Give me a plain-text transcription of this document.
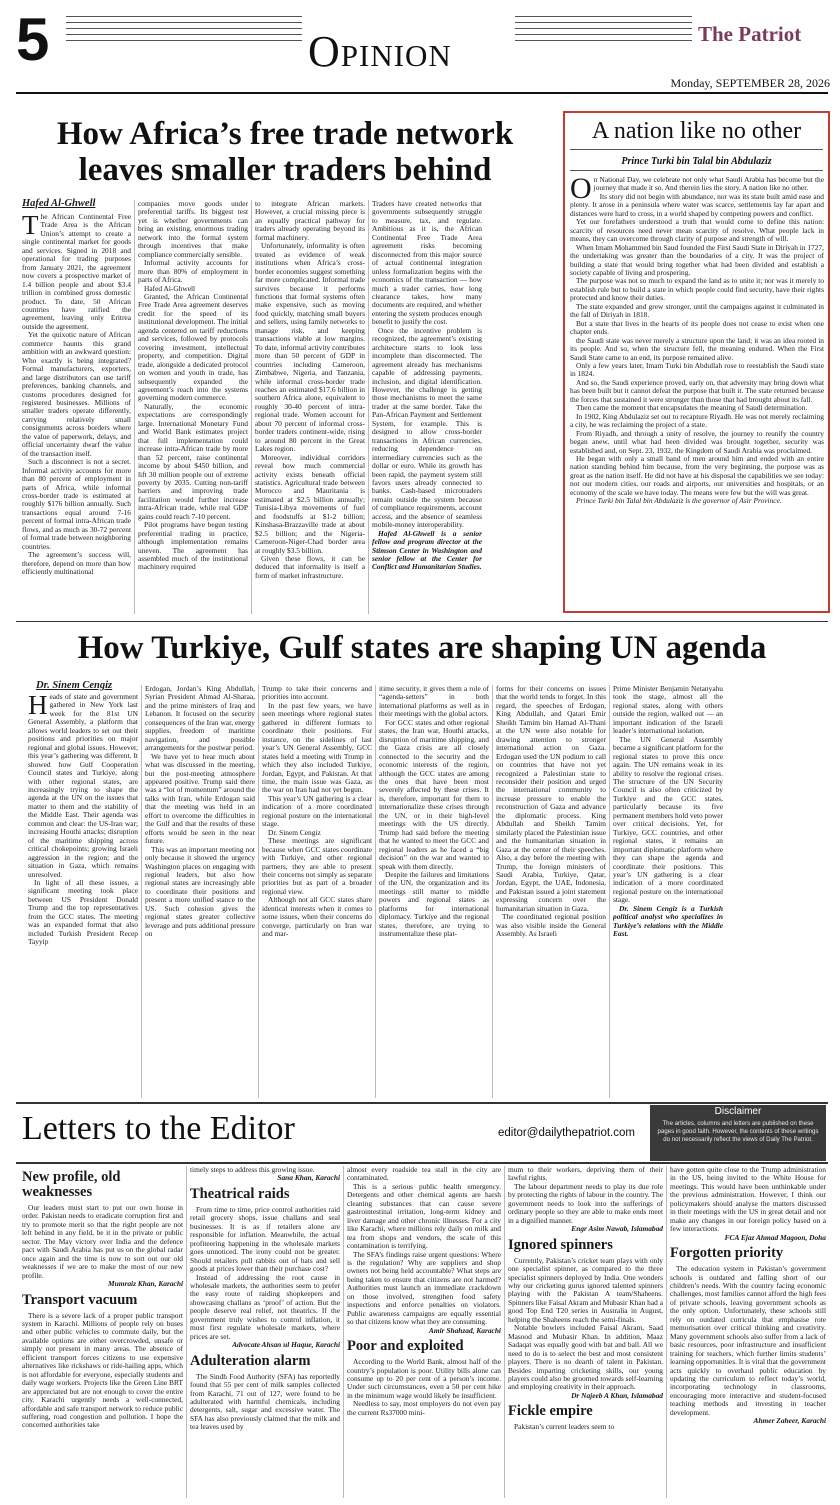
5	Opinion	The Patriot
Monday, SEPTEMBER 28, 2026
How Africa’s free trade network
leaves smaller traders behind
Hafed Al-Ghwell
T he African Continental Free Trade Area is the African Union’s attempt to create a single continental market for goods and services. Signed in 2018 and operational for trading purposes from January 2021, the agreement now covers a prospective market of 1.4 billion people and about $3.4 trillion in combined gross domestic product. To date, 50 African countries have ratified the agreement, leaving only Eritrea outside the agreement.

Yet the quixotic nature of African commerce haunts this grand ambition with an awkward question: Who exactly is being integrated? Formal manufacturers, exporters, and large distributors can use tariff preferences, banking channels, and customs procedures designed for registered businesses. Millions of smaller traders operate differently, carrying relatively small consignments across borders where the value of paperwork, delays, and official uncertainty dwarf the value of the transaction itself.

Such a disconnect is not a secret. Informal activity accounts for more than 80 percent of employment in parts of Africa, while informal cross-border trade is estimated at roughly $176 billion annually. Such transactions equal around 7-16 percent of formal intra-African trade flows, and as much as 30-72 percent of formal trade between neighboring countries.

The agreement’s success will, therefore, depend on more than how efficiently multinational

companies move goods under preferential tariffs. Its biggest test yet is whether governments can bring an existing, enormous trading network into the formal system through incentives that make compliance commercially sensible.

Informal activity accounts for more than 80% of employment in parts of Africa.

Hafed Al-Ghwell

Granted, the African Continental Free Trade Area agreement deserves credit for the speed of its institutional development. The initial agenda centered on tariff reductions and services, followed by protocols covering investment, intellectual property, and competition. Digital trade, alongside a dedicated protocol on women and youth in trade, has subsequently expanded the agreement’s reach into the systems governing modern commerce.

Naturally, the economic expectations are correspondingly large. International Monetary Fund and World Bank estimates project that full implementation could increase intra-African trade by more than 52 percent, raise continental income by about $450 billion, and lift 30 million people out of extreme poverty by 2035. Cutting non-tariff barriers and improving trade facilitation would further increase intra-African trade, while real GDP gains could reach 7-10 percent.

Pilot programs have begun testing preferential trading in practice, although implementation remains uneven. The agreement has assembled much of the institutional machinery required

to integrate African markets. However, a crucial missing piece is an equally practical pathway for traders already operating beyond its formal machinery.

Unfortunately, informality is often treated as evidence of weak institutions when Africa’s cross-border economies suggest something far more complicated. Informal trade survives because it performs functions that formal systems often make expensive, such as moving food quickly, matching small buyers and sellers, using family networks to manage risk, and keeping transactions viable at low margins. To date, informal activity contributes more than 50 percent of GDP in countries including Cameroon, Zimbabwe, Nigeria, and Tanzania, while informal cross-border trade reaches an estimated $17.6 billion in southern Africa alone, equivalent to roughly 30-40 percent of intra-regional trade. Women account for about 70 percent of informal cross-border traders continent-wide, rising to around 80 percent in the Great Lakes region.

Moreover, individual corridors reveal how much commercial activity exists beneath official statistics. Agricultural trade between Morocco and Mauritania is estimated at $2.5 billion annually; Tunisia-Libya movements of fuel and foodstuffs at $1-2 billion; Kinshasa-Brazzaville trade at about $2.5 billion; and the Nigeria-Cameroon-Niger-Chad border area at roughly $3.5 billion.

Given these flows, it can be deduced that informality is itself a form of market infrastructure.

Traders have created networks that governments subsequently struggle to measure, tax, and regulate. Ambitious as it is, the African Continental Free Trade Area agreement risks becoming disconnected from this major source of actual continental integration unless formalization begins with the economics of the transaction — how much a trader carries, how long clearance takes, how many documents are required, and whether entering the system produces enough benefit to justify the cost.

Once the incentive problem is recognized, the agreement’s existing architecture starts to look less incomplete than disconnected. The agreement already has mechanisms capable of addressing payments, inclusion, and digital identification. However, the challenge is getting those mechanisms to meet the same trader at the same border. Take the Pan-African Payment and Settlement System, for example. This is designed to allow cross-border transactions in African currencies, reducing dependence on intermediary currencies such as the dollar or euro. While its growth has been rapid, the payment system still favors users already connected to banks. Cash-based microtraders remain outside the system because of compliance requirements, account access, and the absence of seamless mobile-money interoperability.

Hafed Al-Ghwell is a senior fellow and program director at the Stimson Center in Washington and senior fellow at the Center for Conflict and Humanitarian Studies.

A nation like no other
Prince Turki bin Talal bin Abdulaziz
O n National Day, we celebrate not only what Saudi Arabia has become but the journey that made it so. And therein lies the story. A nation like no other.

Its story did not begin with abundance, nor was its state built amid ease and plenty. It arose in a peninsula where water was scarce, settlements lay far apart and distances were hard to cross, in a world shaped by competing powers and conflict.

Yet our forefathers understood a truth that would come to define this nation: scarcity of resources need never mean scarcity of resolve. What people lack in means, they can overcome through clarity of purpose and strength of will.

When Imam Mohammed bin Saud founded the First Saudi State in Diriyah in 1727, the undertaking was greater than the boundaries of a city. It was the project of building a state that would bring together what had been divided and establish a society capable of living and prospering.

The purpose was not so much to expand the land as to unite it; nor was it merely to establish rule but to build a state in which people could find security, have their rights protected and know their duties.

The state expanded and grew stronger, until the campaigns against it culminated in the fall of Diriyah in 1818.

But a state that lives in the hearts of its people does not cease to exist when one chapter ends.

the Saudi state was never merely a structure upon the land; it was an idea rooted in its people. And so, when the structure fell, the meaning endured. When the First Saudi State came to an end, its purpose remained alive.

Only a few years later, Imam Turki bin Abdullah rose to reestablish the Saudi state in 1824.

And so, the Saudi experience proved, early on, that adversity may bring down what has been built but it cannot defeat the purpose that built it. The state returned because the forces that sustained it were stronger than those that had brought about its fall.

Then came the moment that encapsulates the meaning of Saudi determination.

In 1902, King Abdulaziz set out to recapture Riyadh. He was not merely reclaiming a city, he was reclaiming the project of a state.

From Riyadh, and through a unity of resolve, the journey to reunify the country began anew, until what had been divided was brought together, security was established and, on Sept. 23, 1932, the Kingdom of Saudi Arabia was proclaimed.

He began with only a small band of men around him and ended with an entire nation standing behind him because, from the very beginning, the purpose was as great as the nation itself. He did not have at his disposal the capabilities we see today: not our modern cities, our roads and airports, our universities and hospitals, or an economy of the scale we have today. The means were few but the will was great.

Prince Turki bin Talal bin Abdulaziz is the governor of Asir Province.

How Turkiye, Gulf states are shaping UN agenda
Dr. Sinem Cengiz
H eads of state and government gathered in New York last week for the 81st UN General Assembly, a platform that allows world leaders to set out their positions and priorities on major regional and global issues. However, this year’s gathering was different. It showed how Gulf Cooperation Council states and Turkiye, along with other regional states, are increasingly trying to shape the agenda at the UN on the issues that matter to them and the stability of the Middle East. Their agenda was common and clear: the US-Iran war; increasing Houthi attacks; disruption of the maritime shipping across critical chokepoints; growing Israeli aggression in the region; and the situation in Gaza, which remains unresolved.

In light of all these issues, a significant meeting took place between US President Donald Trump and the top representatives from the GCC states. The meeting was an expanded format that also included Turkish President Recep Tayyip

Erdogan, Jordan’s King Abdullah, Syrian President Ahmad Al-Sharaa, and the prime ministers of Iraq and Lebanon. It focused on the security consequences of the Iran war, energy supplies, freedom of maritime navigation, and possible arrangements for the postwar period.

We have yet to hear much about what was discussed in the meeting, but the post-meeting atmosphere appeared positive. Trump said there was a “lot of momentum” around the talks with Iran, while Erdogan said that the meeting was held in an effort to overcome the difficulties in the Gulf and that the results of these efforts would be seen in the near future.

This was an important meeting not only because it showed the urgency Washington places on engaging with regional leaders, but also how regional states are increasingly able to coordinate their positions and present a more unified stance to the US. Such cohesion gives the regional states greater collective leverage and puts additional pressure on

Trump to take their concerns and priorities into account.

In the past few years, we have seen meetings where regional states gathered in different formats to coordinate their positions. For instance, on the sidelines of last year’s UN General Assembly, GCC states held a meeting with Trump in which they also included Turkiye, Jordan, Egypt, and Pakistan. At that time, the main issue was Gaza, as the war on Iran had not yet begun.

This year’s UN gathering is a clear indication of a more coordinated regional posture on the international stage.

Dr. Sinem Cengiz

These meetings are significant because when GCC states coordinate with Turkiye, and other regional partners, they are able to present their concerns not simply as separate priorities but as part of a broader regional view.

Although not all GCC states share identical interests when it comes to some issues, when their concerns do converge, particularly on Iran war and mar-

itime security, it gives them a role of “agenda-setters” in both international platforms as well as in their meetings with the global actors.

For GCC states and other regional states, the Iran war, Houthi attacks, disruption of maritime shipping, and the Gaza crisis are all closely connected to the security and the economic interests of the region, although the GCC states are among the ones that have been most severely affected by these crises. It is, therefore, important for them to internationalize these crises through the UN, or in their high-level meetings with the US directly. Trump had said before the meeting that he wanted to meet the GCC and regional leaders as he faced a “big decision” on the war and wanted to speak with them directly.

Despite the failures and limitations of the UN, the organization and its meetings still matter to middle powers and regional states as platforms for international diplomacy. Turkiye and the regional states, therefore, are trying to instrumentalize these plat-

forms for their concerns on issues that the world tends to forget. In this regard, the speeches of Erdogan, King Abdullah, and Qatari Emir Sheikh Tamim bin Hamad Al-Thani at the UN were also notable for drawing attention to stronger international action on Gaza. Erdogan used the UN podium to call on countries that have not yet recognized a Palestinian state to reconsider their position and urged the international community to increase pressure to enable the reconstruction of Gaza and advance the diplomatic process. King Abdullah and Sheikh Tamim similarly placed the Palestinian issue and the humanitarian situation in Gaza at the center of their speeches. Also, a day before the meeting with Trump, the foreign ministers of Saudi Arabia, Turkiye, Qatar, Jordan, Egypt, the UAE, Indonesia, and Pakistan issued a joint statement expressing concern over the humanitarian situation in Gaza.

The coordinated regional position was also visible inside the General Assembly. As Israeli

Prime Minister Benjamin Netanyahu took the stage, almost all the regional states, along with others outside the region, walked out — an important indication of the Israeli leader’s international isolation.

The UN General Assembly became a significant platform for the regional states to prove this once again. The UN remains weak in its ability to resolve the regional crises. The structure of the UN Security Council is also often criticized by Turkiye and the GCC states, particularly because its five permanent members hold veto power over critical decisions. Yet, for Turkiye, GCC countries, and other regional states, it remains an important diplomatic platform where they can shape the agenda and coordinate their positions. This year’s UN gathering is a clear indication of a more coordinated regional posture on the international stage.

Dr. Sinem Cengiz is a Turkish political analyst who specializes in Turkiye’s relations with the Middle East.

Letters to the Editor	editor@dailythepatriot.com
Disclaimer
The articles, columns and letters are published on these pages in good faith. However, the contents of these writings do not necessarily reflect the views of Daily The Patriot.
New profile, old weaknesses

Our leaders must start to put our own house in order. Pakistan needs to eradicate corruption first and try to promote merit so that the right people are not left behind in any field, be it in the private or public sector. The May victory over India and the defence pact with Saudi Arabia has put us on the global radar once again and the time is now to sort out our old weaknesses if we are to make the most of our new profile.

Mumraiz Khan, Karachi

Transport vacuum

There is a severe lack of a proper public transport system in Karachi. Millions of people rely on buses and other public vehicles to commute daily, but the available options are either overcrowded, unsafe or simply not present in many areas. The absence of efficient transport forces citizens to use expensive alternatives like rickshaws or ride-hailing apps, which is not affordable for everyone, especially students and daily wage workers. Projects like the Green Line BRT are appreciated but are not enough to cover the entire city. Karachi urgently needs a well-connected, affordable and safe transport network to reduce public suffering, road congestion and pollution. I hope the concerned authorities take

timely steps to address this growing issue.

Sana Khan, Karachi

Theatrical raids

From time to time, price control authorities raid retail grocery shops, issue challans and seal businesses. It is as if retailers alone are responsible for inflation. Meanwhile, the actual profiteering happening in the wholesale markets goes unnoticed. The irony could not be greater. Should retailers pull rabbits out of hats and sell goods at prices lower than their purchase cost?

Instead of addressing the root cause in wholesale markets, the authorities seem to prefer the easy route of raiding shopkeepers and showcasing challans as ‘proof’ of action. But the people deserve real relief, not theatrics. If the government truly wishes to control inflation, it must first regulate wholesale markets, where prices are set.

Advocate Ahsan ul Haque, Karachi

Adulteration alarm

The Sindh Food Authority (SFA) has reportedly found that 55 per cent of milk samples collected from Karachi, 71 out of 127, were found to be adulterated with harmful chemicals, including detergents, salt, sugar and excessive water. The SFA has also previously claimed that the milk and tea leaves used by

almost every roadside tea stall in the city are contaminated.

This is a serious public health emergency. Detergents and other chemical agents are harsh cleaning substances that can cause severe gastrointestinal irritation, long-term kidney and liver damage and other chronic illnesses. For a city like Karachi, where millions rely daily on milk and tea from shops and vendors, the scale of this contamination is terrifying.

The SFA’s findings raise urgent questions: Where is the regulation? Why are suppliers and shop owners not being held accountable? What steps are being taken to ensure that citizens are not harmed? Authorities must launch an immediate crackdown on those involved, strengthen food safety inspections and enforce penalties on violators. Public awareness campaigns are equally essential so that citizens know what they are consuming.

Amir Shahzad, Karachi

Poor and exploited

According to the World Bank, almost half of the country’s population is poor. Utility bills alone can consume up to 20 per cent of a person’s income. Under such circumstances, even a 50 per cent hike in the minimum wage would likely be insufficient.

Needless to say, most employers do not even pay the current Rs37000 mini-

mum to their workers, depriving them of their lawful rights.

The labour department needs to play its due role by protecting the rights of labour in the country. The government needs to look into the sufferings of ordinary people so they are able to make ends meet in a dignified manner.

Engr Asim Nawab, Islamabad

Ignored spinners

Currently, Pakistan’s cricket team plays with only one specialist spinner, as compared to the three specialist spinners deployed by India. One wonders why our cricketing gurus ignored talented spinners playing with the Pakistan A team/Shaheens. Spinners like Faisal Akram and Mubasir Khan had a good Top End T20 series in Australia in August, helping the Shaheens reach the semi-finals.

Notable bowlers included Faisal Akram, Saad Masood and Mubasir Khan. In addition, Maaz Sadaqat was equally good with bat and ball. All we need to do is to select the best and most consistent players. There is no dearth of talent in Pakistan. Besides imparting cricketing skills, our young players could also be groomed towards self-learning and employing creativity in their approach.

Dr Najeeb A Khan, Islamabad

Fickle empire

Pakistan’s current leaders seem to

have gotten quite close to the Trump administration in the US, being invited to the White House for meetings. This would have been unthinkable under the previous administration. However, I think our policymakers should analyse the matters discussed in their meetings with the US in great detail and not make any changes in our foreign policy based on a few interactions.

FCA Ejaz Ahmad Magoon, Doha

Forgotten priority

The education system in Pakistan’s government schools is outdated and falling short of our children’s needs. With the country facing economic challenges, most families cannot afford the high fees of private schools, leaving government schools as the only option. Unfortunately, these schools still rely on outdated curricula that emphasise rote memorisation over critical thinking and creativity. Many government schools also suffer from a lack of basic resources, poor infrastructure and insufficient training for teachers, which further limits students’ learning opportunities. It is vital that the government acts quickly to overhaul public education by updating the curriculum to reflect today’s world, incorporating technology in classrooms, encouraging more interactive and student-focused teaching methods and investing in teacher development.

Ahmer Zaheer, Karachi
